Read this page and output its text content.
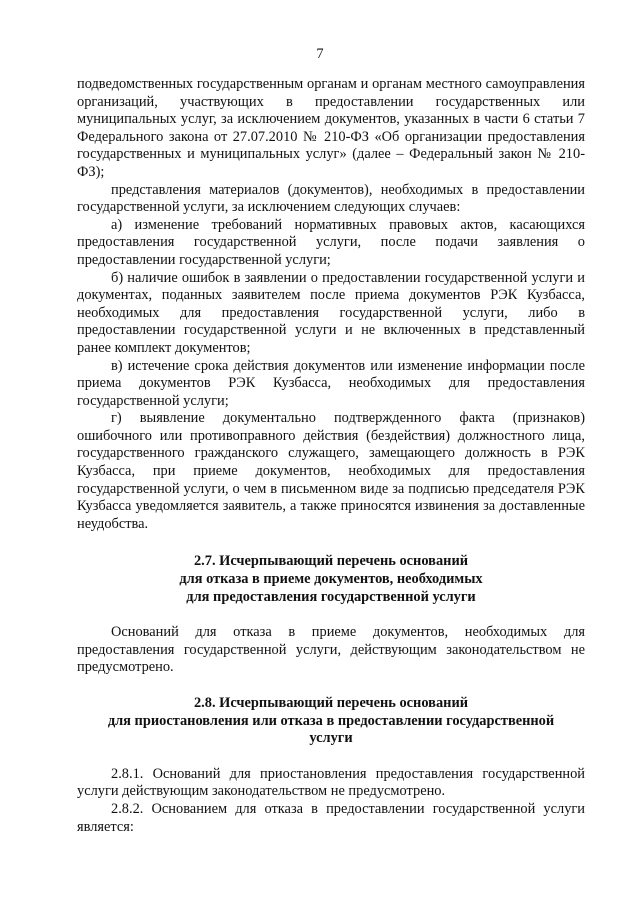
7

подведомственных государственным органам и органам местного самоуправления организаций, участвующих в предоставлении государственных или муниципальных услуг, за исключением документов, указанных в части 6 статьи 7 Федерального закона от 27.07.2010 № 210-ФЗ «Об организации предоставления государственных и муниципальных услуг» (далее – Федеральный закон № 210-ФЗ);

представления материалов (документов), необходимых в предоставлении государственной услуги, за исключением следующих случаев:

а) изменение требований нормативных правовых актов, касающихся предоставления государственной услуги, после подачи заявления о предоставлении государственной услуги;

б) наличие ошибок в заявлении о предоставлении государственной услуги и документах, поданных заявителем после приема документов РЭК Кузбасса, необходимых для предоставления государственной услуги, либо в предоставлении государственной услуги и не включенных в представленный ранее комплект документов;

в) истечение срока действия документов или изменение информации после приема документов РЭК Кузбасса, необходимых для предоставления государственной услуги;

г) выявление документально подтвержденного факта (признаков) ошибочного или противоправного действия (бездействия) должностного лица, государственного гражданского служащего, замещающего должность в РЭК Кузбасса, при приеме документов, необходимых для предоставления государственной услуги, о чем в письменном виде за подписью председателя РЭК Кузбасса уведомляется заявитель, а также приносятся извинения за доставленные неудобства.

2.7. Исчерпывающий перечень оснований
для отказа в приеме документов, необходимых
для предоставления государственной услуги

Оснований для отказа в приеме документов, необходимых для предоставления государственной услуги, действующим законодательством не предусмотрено.

2.8. Исчерпывающий перечень оснований
для приостановления или отказа в предоставлении государственной
услуги

2.8.1. Оснований для приостановления предоставления государственной услуги действующим законодательством не предусмотрено.

2.8.2. Основанием для отказа в предоставлении государственной услуги является:
